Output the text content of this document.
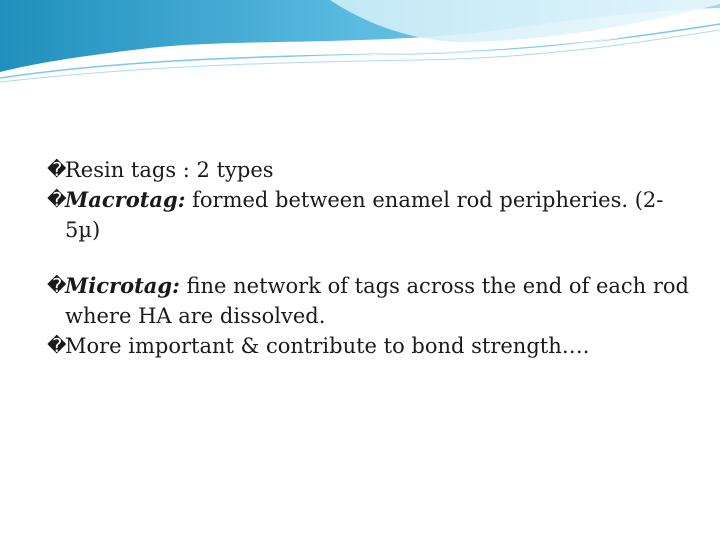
�
Resin tags : 2 types
�
Macrotag: formed between enamel rod peripheries. (2-5µ)
�
Microtag: fine network of tags across the end of each rod where HA are dissolved.
�
More important & contribute to bond strength….
